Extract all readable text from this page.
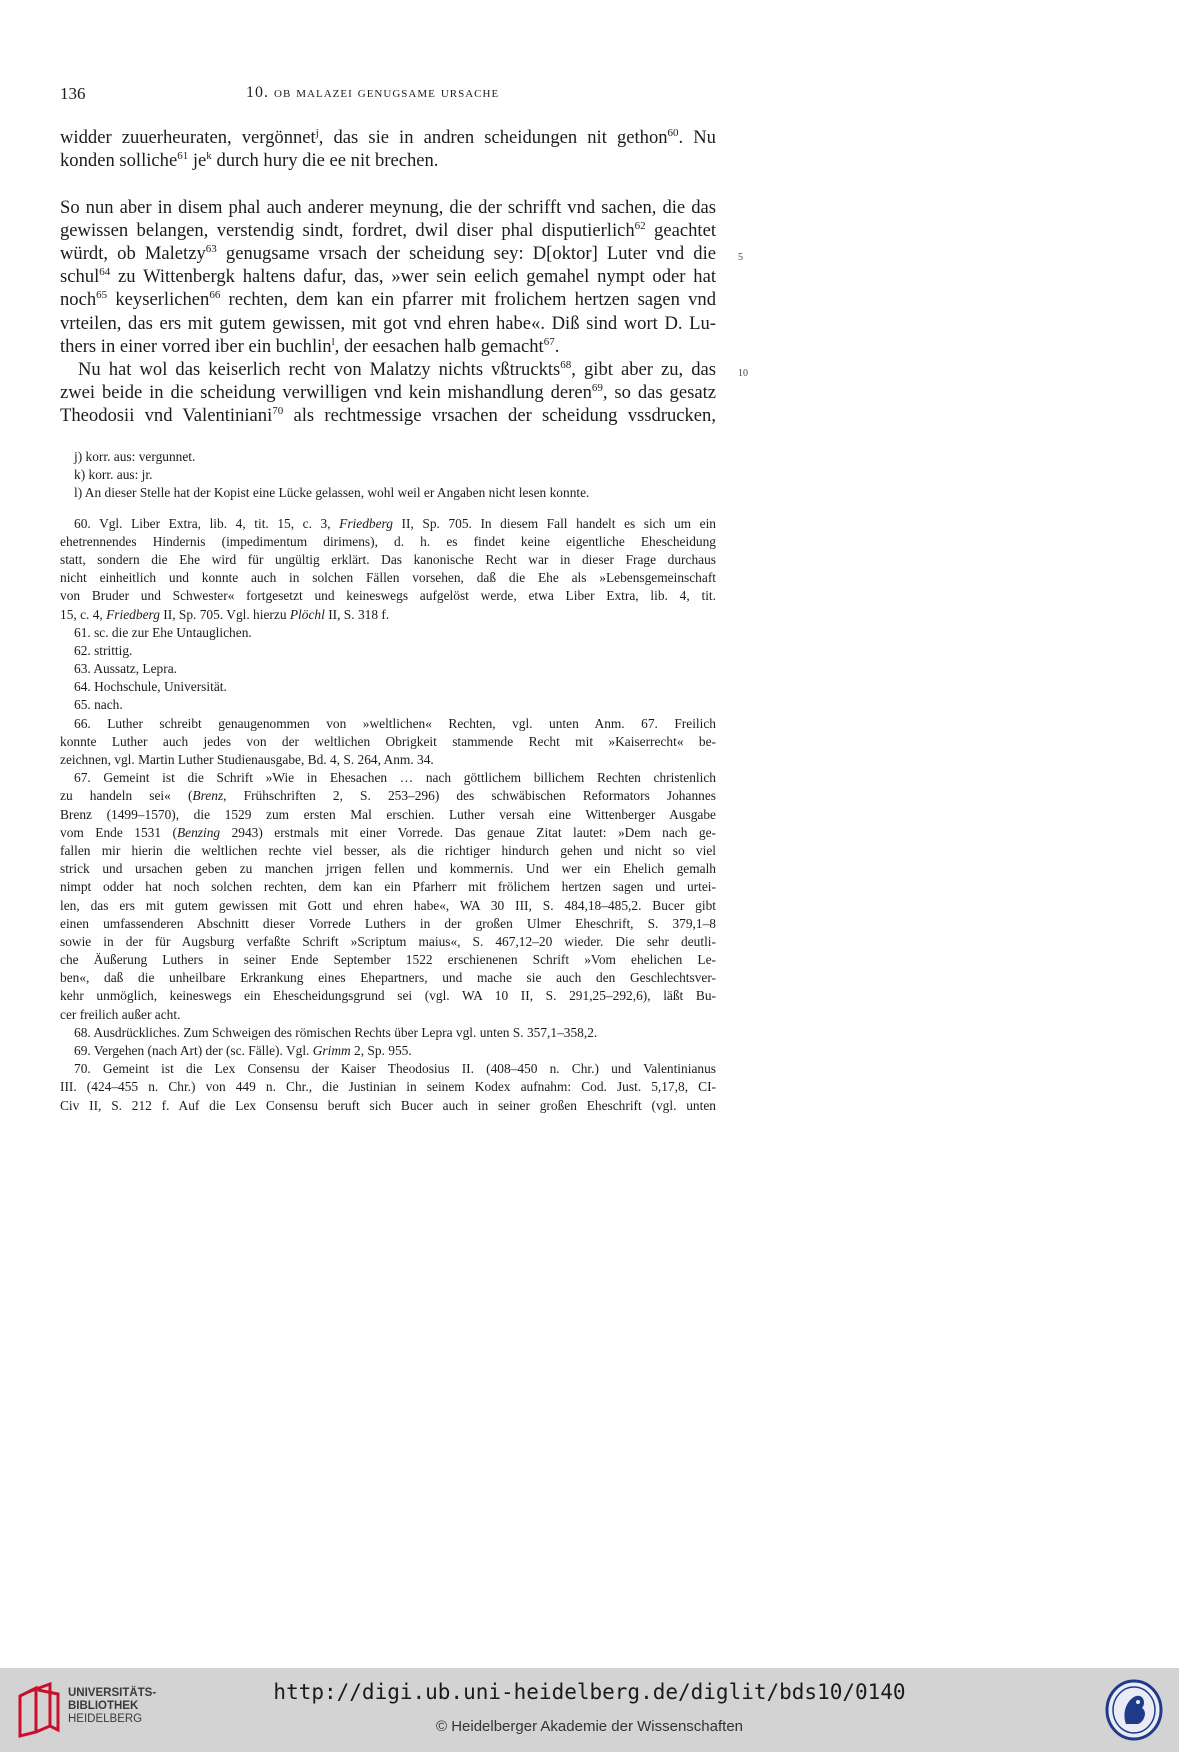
136	10. ob malazei genugsame ursache
widder zuuerheuraten, vergönnet$^j$, das sie in andren scheidungen nit gethon$^{60}$. Nu
konden solliche$^{61}$ $je^k$ durch hury die ee nit brechen.
So nun aber in disem phal auch anderer meynung, die der schrifft vnd sachen, die das
gewissen belangen, verstendig sindt, fordret, dwil diser phal disputierlich$^{62}$ geachtet
würdt, ob Maletzy$^{63}$ genugsame vrsach der scheidung sey: D[oktor] Luter vnd die
schul$^{64}$ zu Wittenbergk haltens dafur, das, »wer sein eelich gemahel nympt oder hat
noch$^{65}$ keyserlichen$^{66}$ rechten, dem kan ein pfarrer mit frolichem hertzen sagen vnd
vrteilen, das ers mit gutem gewissen, mit got vnd ehren habe«. Diß sind wort D. Lu-
thers in einer vorred iber ein buchlin$^l$, der eesachen halb gemacht$^{67}$.
Nu hat wol das keiserlich recht von Malatzy nichts vßtruckts$^{68}$, gibt aber zu, das
zwei beide in die scheidung verwilligen vnd kein mishandlung deren$^{69}$, so das gesatz
Theodosii vnd Valentiniani$^{70}$ als rechtmessige vrsachen der scheidung vssdrucken,
5
10
j) korr. aus: vergunnet.
k) korr. aus: jr.
l) An dieser Stelle hat der Kopist eine Lücke gelassen, wohl weil er Angaben nicht lesen konnte.
60. Vgl. Liber Extra, lib. 4, tit. 15, c. 3, Friedberg II, Sp. 705. In diesem Fall handelt es sich um ein
ehetrennendes Hindernis (impedimentum dirimens), d. h. es findet keine eigentliche Ehescheidung
statt, sondern die Ehe wird für ungültig erklärt. Das kanonische Recht war in dieser Frage durchaus
nicht einheitlich und konnte auch in solchen Fällen vorsehen, daß die Ehe als »Lebensgemeinschaft
von Bruder und Schwester« fortgesetzt und keineswegs aufgelöst werde, etwa Liber Extra, lib. 4, tit.
15, c. 4, Friedberg II, Sp. 705. Vgl. hierzu Plöchl II, S. 318 f.
61. sc. die zur Ehe Untauglichen.
62. strittig.
63. Aussatz, Lepra.
64. Hochschule, Universität.
65. nach.
66. Luther schreibt genaugenommen von »weltlichen« Rechten, vgl. unten Anm. 67. Freilich
konnte Luther auch jedes von der weltlichen Obrigkeit stammende Recht mit »Kaiserrecht« be-
zeichnen, vgl. Martin Luther Studienausgabe, Bd. 4, S. 264, Anm. 34.
67. Gemeint ist die Schrift »Wie in Ehesachen … nach göttlichem billichem Rechten christenlich
zu handeln sei« (Brenz, Frühschriften 2, S. 253–296) des schwäbischen Reformators Johannes
Brenz (1499–1570), die 1529 zum ersten Mal erschien. Luther versah eine Wittenberger Ausgabe
vom Ende 1531 (Benzing 2943) erstmals mit einer Vorrede. Das genaue Zitat lautet: »Dem nach ge-
fallen mir hierin die weltlichen rechte viel besser, als die richtiger hindurch gehen und nicht so viel
strick und ursachen geben zu manchen jrrigen fellen und kommernis. Und wer ein Ehelich gemalh
nimpt odder hat noch solchen rechten, dem kan ein Pfarherr mit frölichem hertzen sagen und urtei-
len, das ers mit gutem gewissen mit Gott und ehren habe«, WA 30 III, S. 484,18–485,2. Bucer gibt
einen umfassenderen Abschnitt dieser Vorrede Luthers in der großen Ulmer Eheschrift, S. 379,1–8
sowie in der für Augsburg verfaßte Schrift »Scriptum maius«, S. 467,12–20 wieder. Die sehr deutli-
che Äußerung Luthers in seiner Ende September 1522 erschienenen Schrift »Vom ehelichen Le-
ben«, daß die unheilbare Erkrankung eines Ehepartners, und mache sie auch den Geschlechtsver-
kehr unmöglich, keineswegs ein Ehescheidungsgrund sei (vgl. WA 10 II, S. 291,25–292,6), läßt Bu-
cer freilich außer acht.
68. Ausdrückliches. Zum Schweigen des römischen Rechts über Lepra vgl. unten S. 357,1–358,2.
69. Vergehen (nach Art) der (sc. Fälle). Vgl. Grimm 2, Sp. 955.
70. Gemeint ist die Lex Consensu der Kaiser Theodosius II. (408–450 n. Chr.) und Valentinianus
III. (424–455 n. Chr.) von 449 n. Chr., die Justinian in seinem Kodex aufnahm: Cod. Just. 5,17,8, CI-
Civ II, S. 212 f. Auf die Lex Consensu beruft sich Bucer auch in seiner großen Eheschrift (vgl. unten
UNIVERSITÄTS-
BIBLIOTHEK
HEIDELBERG
http://digi.ub.uni-heidelberg.de/diglit/bds10/0140
© Heidelberger Akademie der Wissenschaften
